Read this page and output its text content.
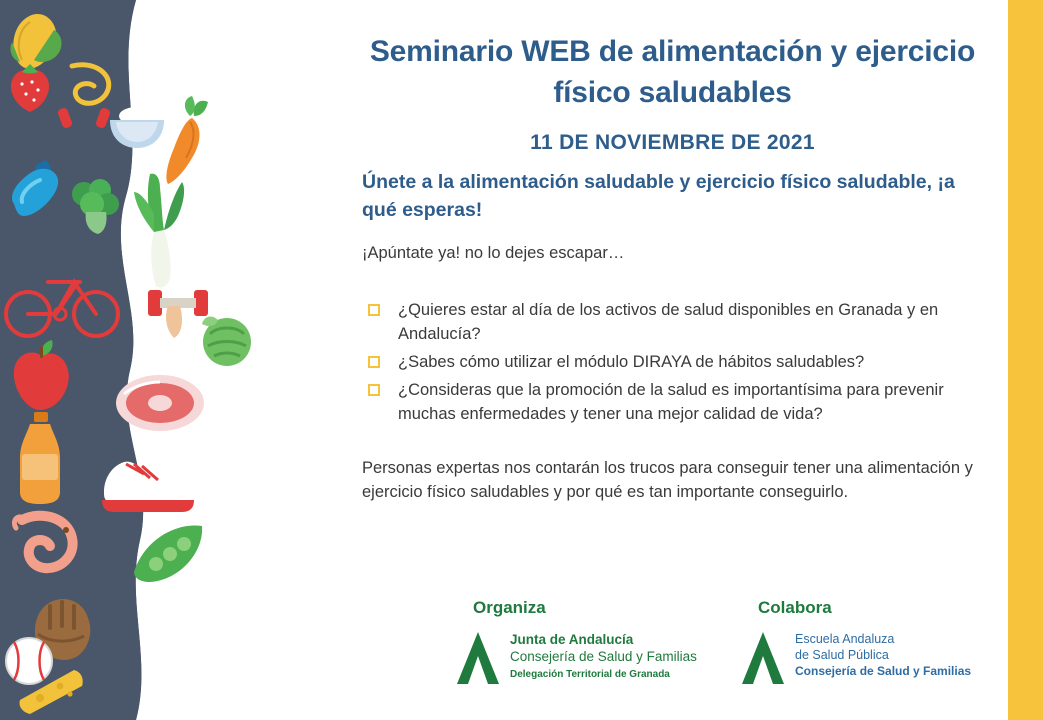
Seminario WEB de alimentación y ejercicio físico saludables
11 DE NOVIEMBRE DE 2021
Únete a la alimentación saludable y ejercicio físico saludable, ¡a qué esperas!
¡Apúntate ya! no lo dejes escapar…
¿Quieres estar al día de los activos de salud disponibles en Granada y en Andalucía?
¿Sabes cómo utilizar el módulo DIRAYA de hábitos saludables?
¿Consideras que la promoción de la salud es importantísima para prevenir muchas enfermedades y tener una mejor calidad de vida?
Personas expertas nos contarán los trucos para conseguir tener una alimentación y ejercicio físico saludables y por qué es tan importante conseguirlo.
Organiza
Junta de Andalucía
Consejería de Salud y Familias
Delegación Territorial de Granada
Colabora
Escuela Andaluza
de Salud Pública
Consejería de Salud y Familias
